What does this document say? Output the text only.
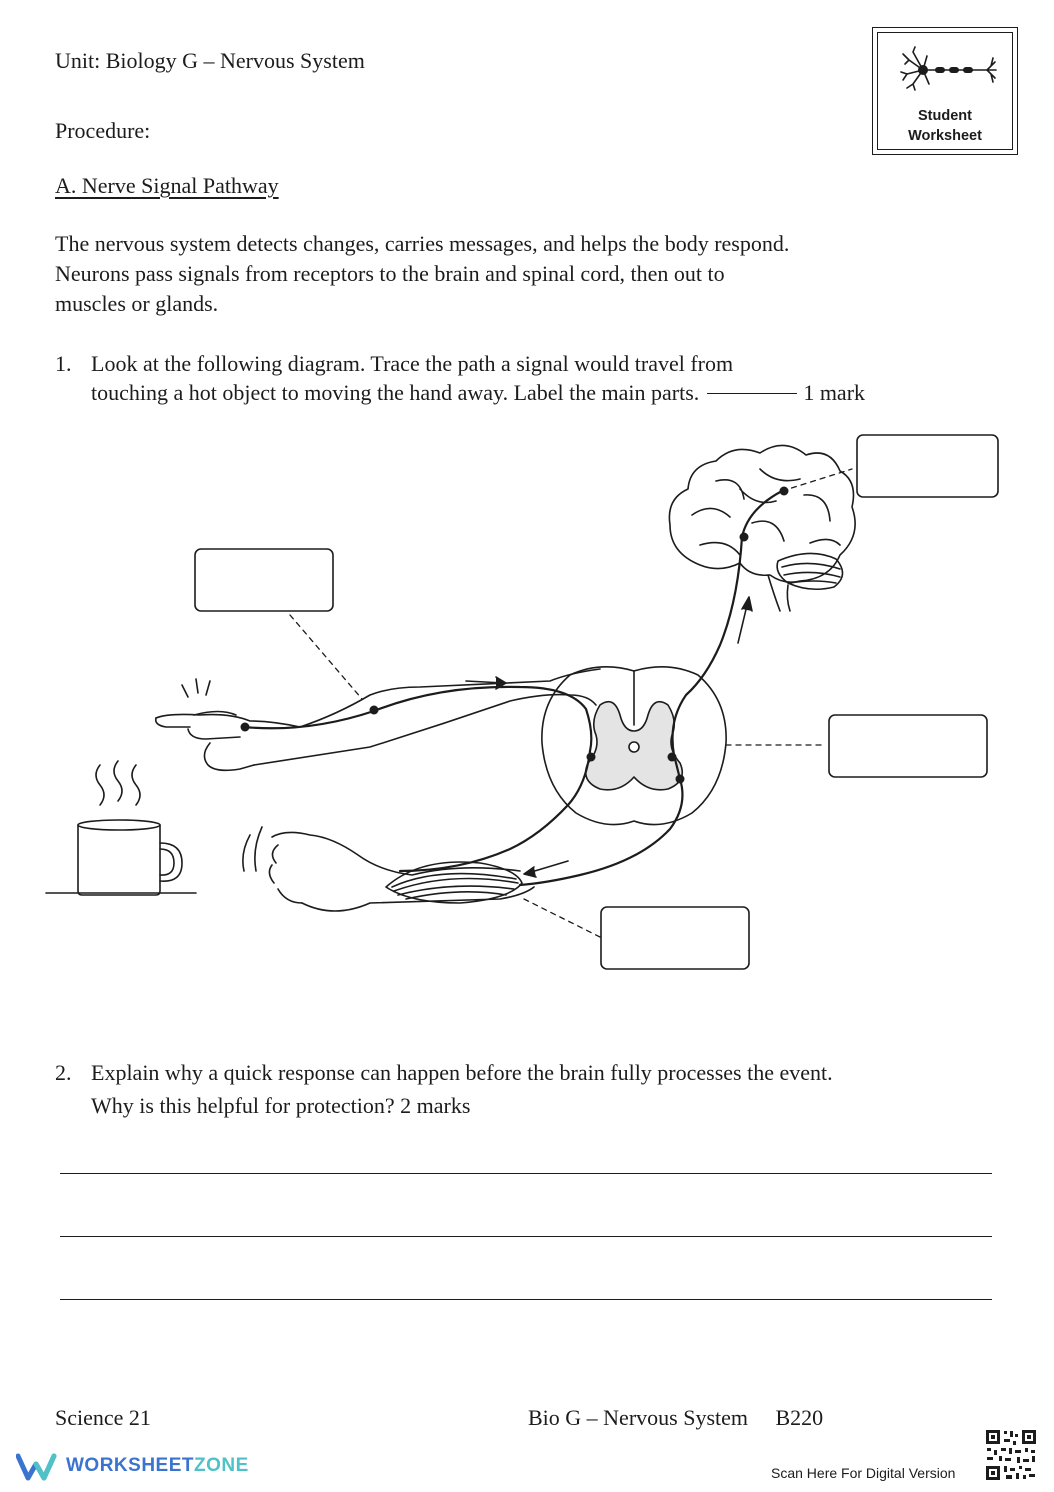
Unit: Biology G – Nervous System
Procedure:
A. Nerve Signal Pathway
Student
Worksheet
The nervous system detects changes, carries messages, and helps the body respond.
Neurons pass signals from receptors to the brain and spinal cord, then out to
muscles or glands.
1. Look at the following diagram. Trace the path a signal would travel from
touching a hot object to moving the hand away. Label the main parts.	1 mark
2. Explain why a quick response can happen before the brain fully processes the event.
Why is this helpful for protection? 2 marks
Science 21	Bio G – Nervous System     B220
WORKSHEETZONE	Scan Here For Digital Version
